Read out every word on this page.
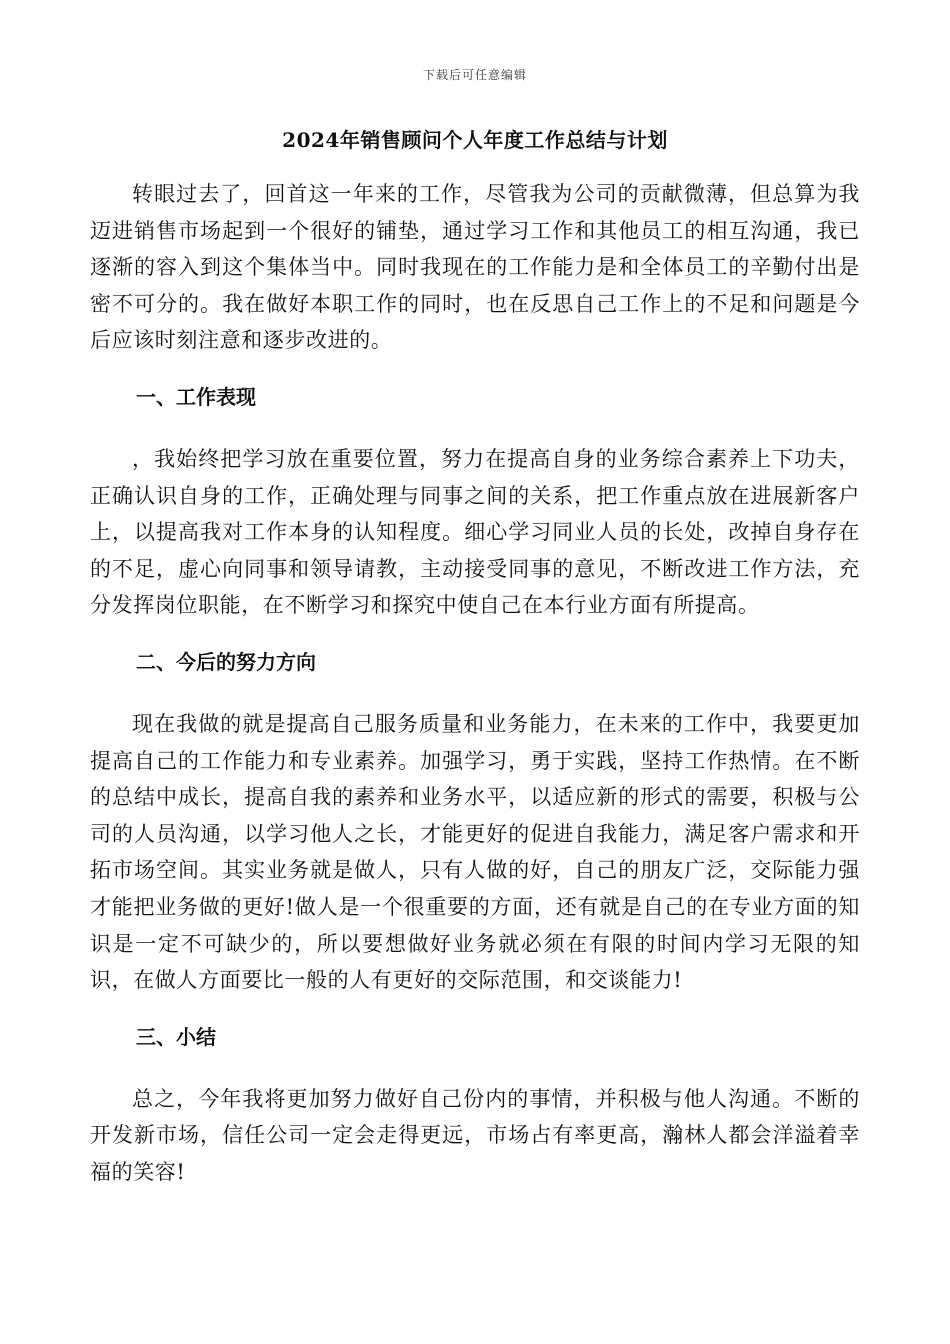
下载后可任意编辑
2024年销售顾问个人年度工作总结与计划

转眼过去了，回首这一年来的工作，尽管我为公司的贡献微薄，但总算为我迈进销售市场起到一个很好的铺垫，通过学习工作和其他员工的相互沟通，我已逐渐的容入到这个集体当中。同时我现在的工作能力是和全体员工的辛勤付出是密不可分的。我在做好本职工作的同时，也在反思自己工作上的不足和问题是今后应该时刻注意和逐步改进的。

一、工作表现

，我始终把学习放在重要位置，努力在提高自身的业务综合素养上下功夫，正确认识自身的工作，正确处理与同事之间的关系，把工作重点放在进展新客户上，以提高我对工作本身的认知程度。细心学习同业人员的长处，改掉自身存在的不足，虚心向同事和领导请教，主动接受同事的意见，不断改进工作方法，充分发挥岗位职能，在不断学习和探究中使自己在本行业方面有所提高。

二、今后的努力方向

现在我做的就是提高自己服务质量和业务能力，在未来的工作中，我要更加提高自己的工作能力和专业素养。加强学习，勇于实践，坚持工作热情。在不断的总结中成长，提高自我的素养和业务水平，以适应新的形式的需要，积极与公司的人员沟通，以学习他人之长，才能更好的促进自我能力，满足客户需求和开拓市场空间。其实业务就是做人，只有人做的好，自己的朋友广泛，交际能力强才能把业务做的更好!做人是一个很重要的方面，还有就是自己的在专业方面的知识是一定不可缺少的，所以要想做好业务就必须在有限的时间内学习无限的知识，在做人方面要比一般的人有更好的交际范围，和交谈能力!

三、小结

总之，今年我将更加努力做好自己份内的事情，并积极与他人沟通。不断的开发新市场，信任公司一定会走得更远，市场占有率更高，瀚林人都会洋溢着幸福的笑容!
